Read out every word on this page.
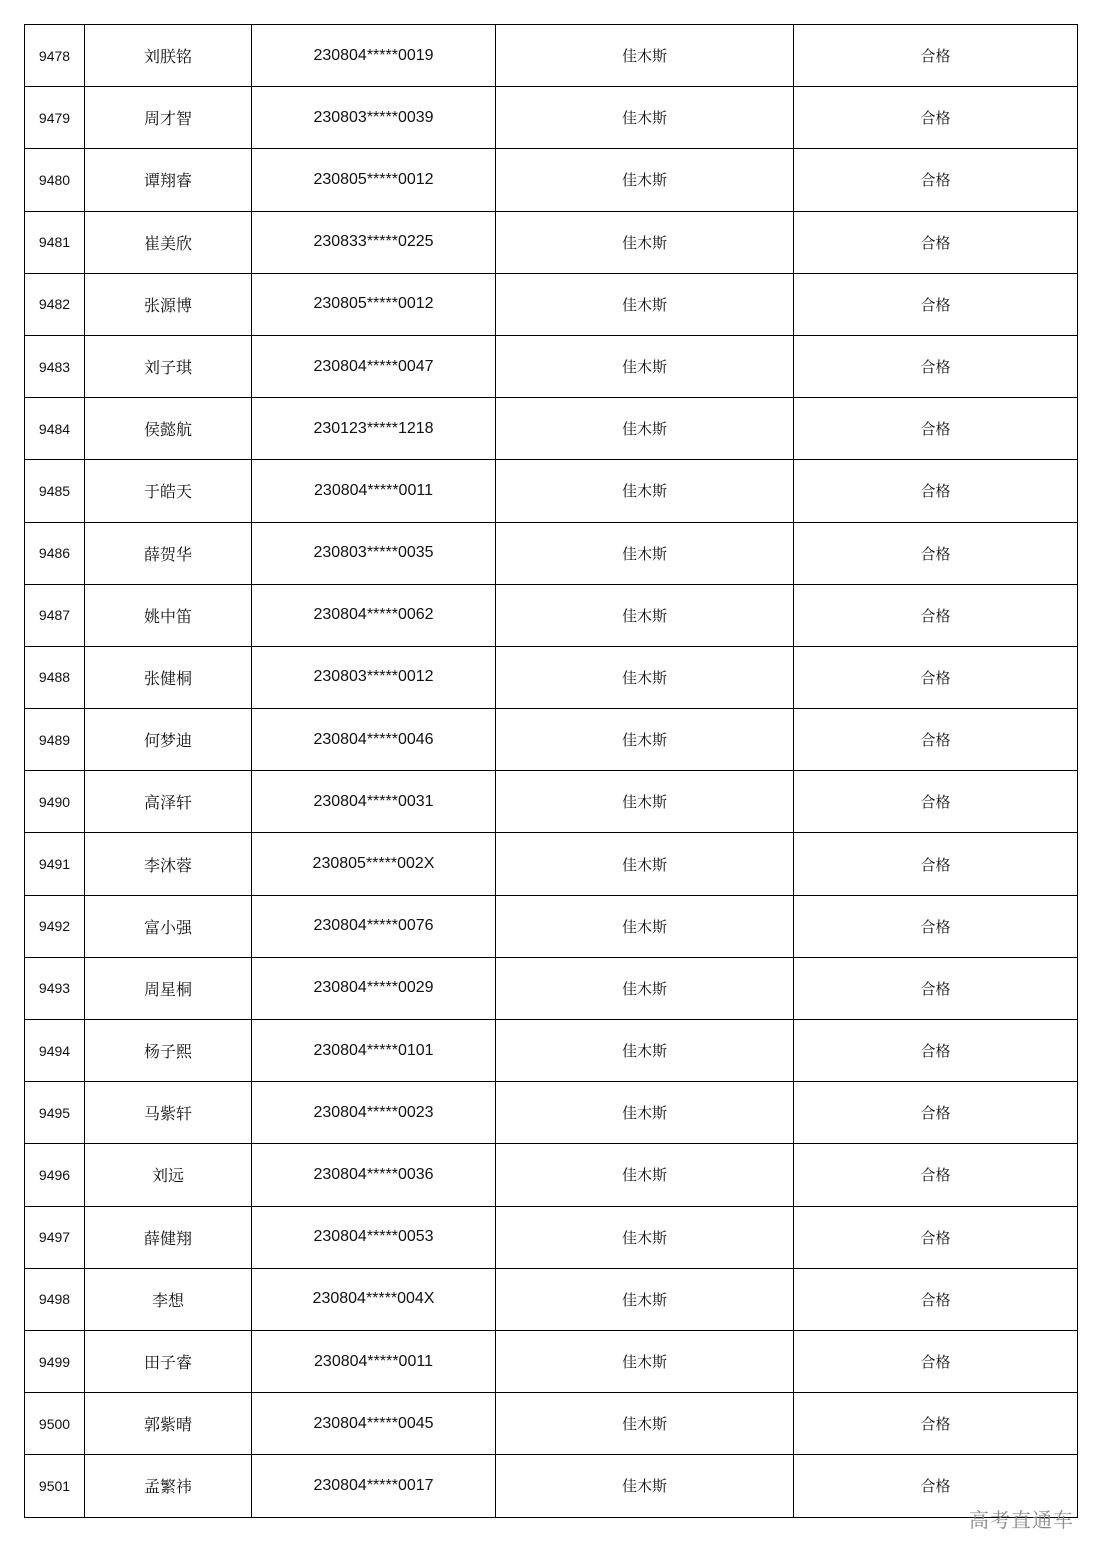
9478	刘朕铭	230804*****0019	佳木斯	合格
9479	周才智	230803*****0039	佳木斯	合格
9480	谭翔睿	230805*****0012	佳木斯	合格
9481	崔美欣	230833*****0225	佳木斯	合格
9482	张源博	230805*****0012	佳木斯	合格
9483	刘子琪	230804*****0047	佳木斯	合格
9484	侯懿航	230123*****1218	佳木斯	合格
9485	于皓天	230804*****0011	佳木斯	合格
9486	薛贺华	230803*****0035	佳木斯	合格
9487	姚中笛	230804*****0062	佳木斯	合格
9488	张健桐	230803*****0012	佳木斯	合格
9489	何梦迪	230804*****0046	佳木斯	合格
9490	高泽轩	230804*****0031	佳木斯	合格
9491	李沐蓉	230805*****002X	佳木斯	合格
9492	富小强	230804*****0076	佳木斯	合格
9493	周星桐	230804*****0029	佳木斯	合格
9494	杨子熙	230804*****0101	佳木斯	合格
9495	马紫轩	230804*****0023	佳木斯	合格
9496	刘远	230804*****0036	佳木斯	合格
9497	薛健翔	230804*****0053	佳木斯	合格
9498	李想	230804*****004X	佳木斯	合格
9499	田子睿	230804*****0011	佳木斯	合格
9500	郭紫晴	230804*****0045	佳木斯	合格
9501	孟繁祎	230804*****0017	佳木斯	合格
高考直通车
